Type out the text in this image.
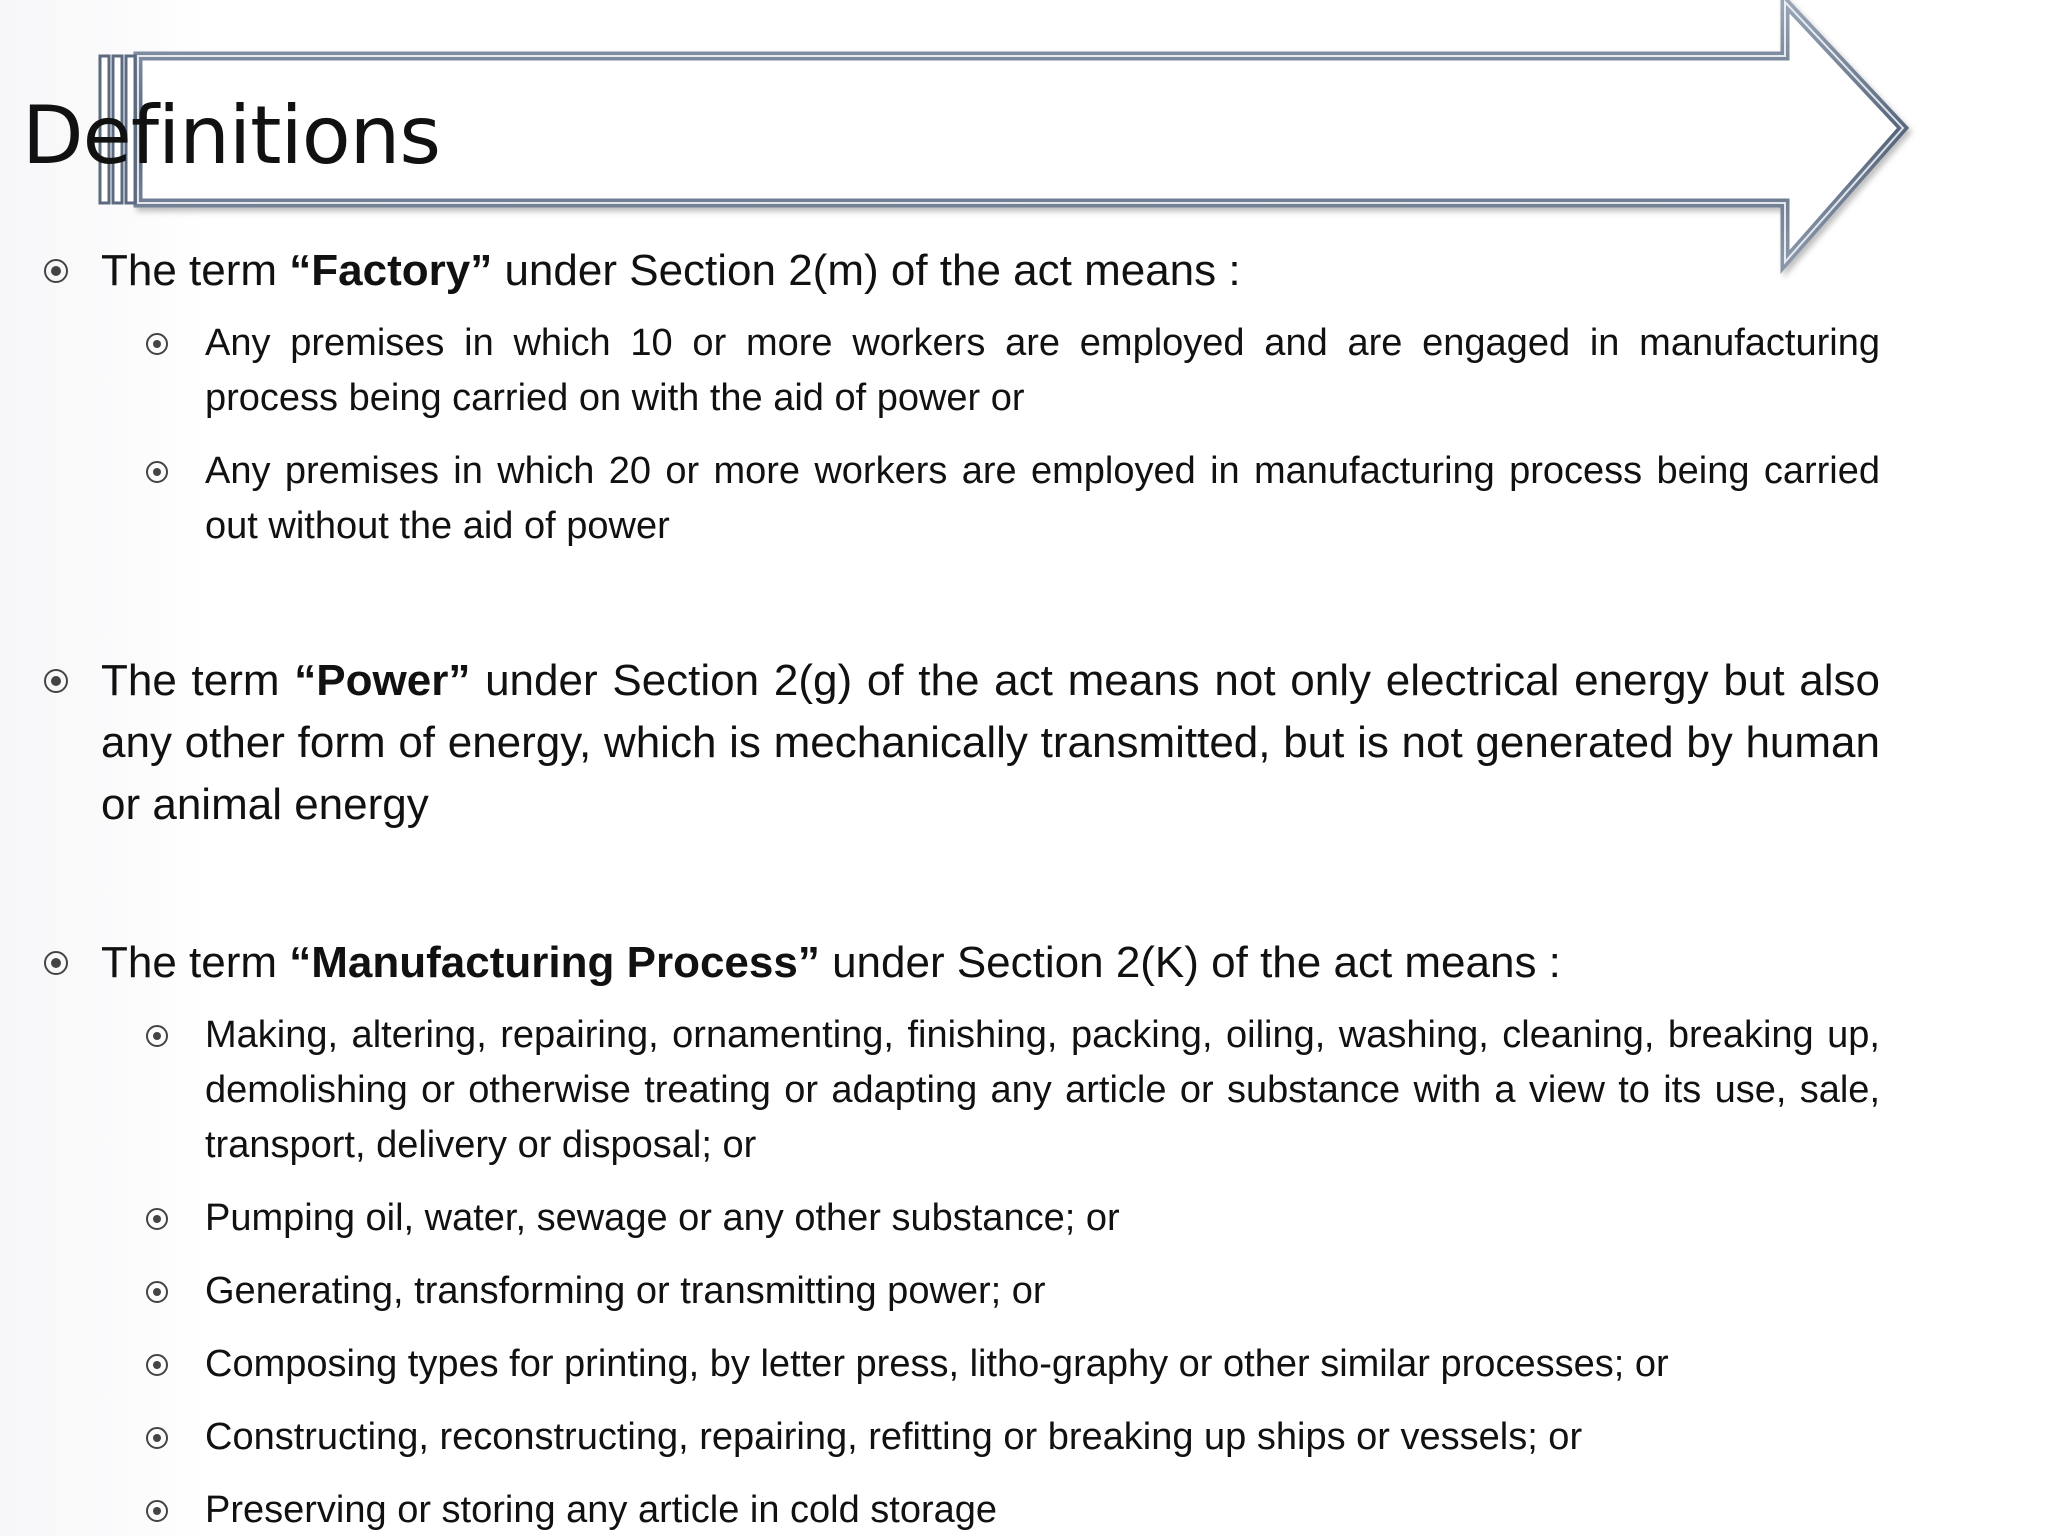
Definitions
The term “Factory” under Section 2(m) of the act means :
Any premises in which 10 or more workers are employed and are engaged in manufacturing process being carried on with the aid of power or
Any premises in which 20 or more workers are employed in manufacturing process being carried out without the aid of power
The term “Power” under Section 2(g) of the act means not only electrical energy but also any other form of energy, which is mechanically transmitted, but is not generated by human or animal energy
The term “Manufacturing Process” under Section 2(K) of the act means :
Making, altering, repairing, ornamenting, finishing, packing, oiling, washing, cleaning, breaking up, demolishing or otherwise treating or adapting any article or substance with a view to its use, sale, transport, delivery or disposal; or
Pumping oil, water, sewage or any other substance; or
Generating, transforming or transmitting power; or
Composing types for printing, by letter press, litho-graphy or other similar processes; or
Constructing, reconstructing, repairing, refitting or breaking up ships or vessels; or
Preserving or storing any article in cold storage
